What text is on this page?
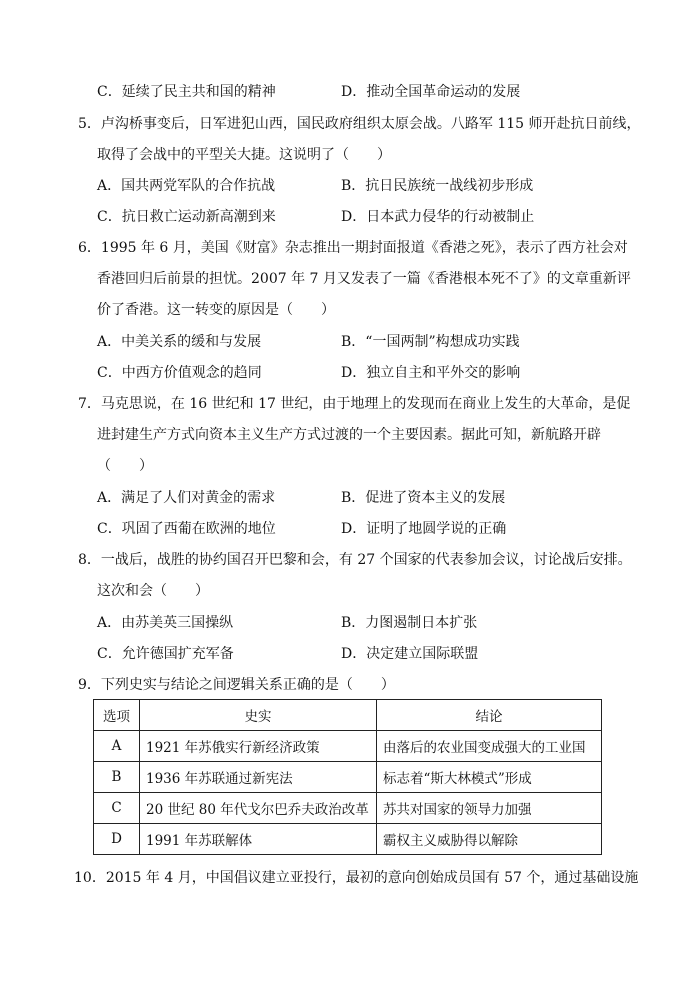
C．延续了民主共和国的精神	D．推动全国革命运动的发展
5．卢沟桥事变后，日军进犯山西，国民政府组织太原会战。八路军 115 师开赴抗日前线，
取得了会战中的平型关大捷。这说明了（　　）
A．国共两党军队的合作抗战	B．抗日民族统一战线初步形成
C．抗日救亡运动新高潮到来	D．日本武力侵华的行动被制止
6．1995 年 6 月，美国《财富》杂志推出一期封面报道《香港之死》，表示了西方社会对
香港回归后前景的担忧。2007 年 7 月又发表了一篇《香港根本死不了》的文章重新评
价了香港。这一转变的原因是（　　）
A．中美关系的缓和与发展	B．“一国两制”构想成功实践
C．中西方价值观念的趋同	D．独立自主和平外交的影响
7．马克思说，在 16 世纪和 17 世纪，由于地理上的发现而在商业上发生的大革命，是促
进封建生产方式向资本主义生产方式过渡的一个主要因素。据此可知，新航路开辟
（　　）
A．满足了人们对黄金的需求	B．促进了资本主义的发展
C．巩固了西葡在欧洲的地位	D．证明了地圆学说的正确
8．一战后，战胜的协约国召开巴黎和会，有 27 个国家的代表参加会议，讨论战后安排。
这次和会（　　）
A．由苏美英三国操纵	B．力图遏制日本扩张
C．允许德国扩充军备	D．决定建立国际联盟
9．下列史实与结论之间逻辑关系正确的是（　　）
选项	史实	结论
A	1921 年苏俄实行新经济政策	由落后的农业国变成强大的工业国
B	1936 年苏联通过新宪法	标志着“斯大林模式”形成
C	20 世纪 80 年代戈尔巴乔夫政治改革	苏共对国家的领导力加强
D	1991 年苏联解体	霸权主义威胁得以解除
10．2015 年 4 月，中国倡议建立亚投行，最初的意向创始成员国有 57 个，通过基础设施
